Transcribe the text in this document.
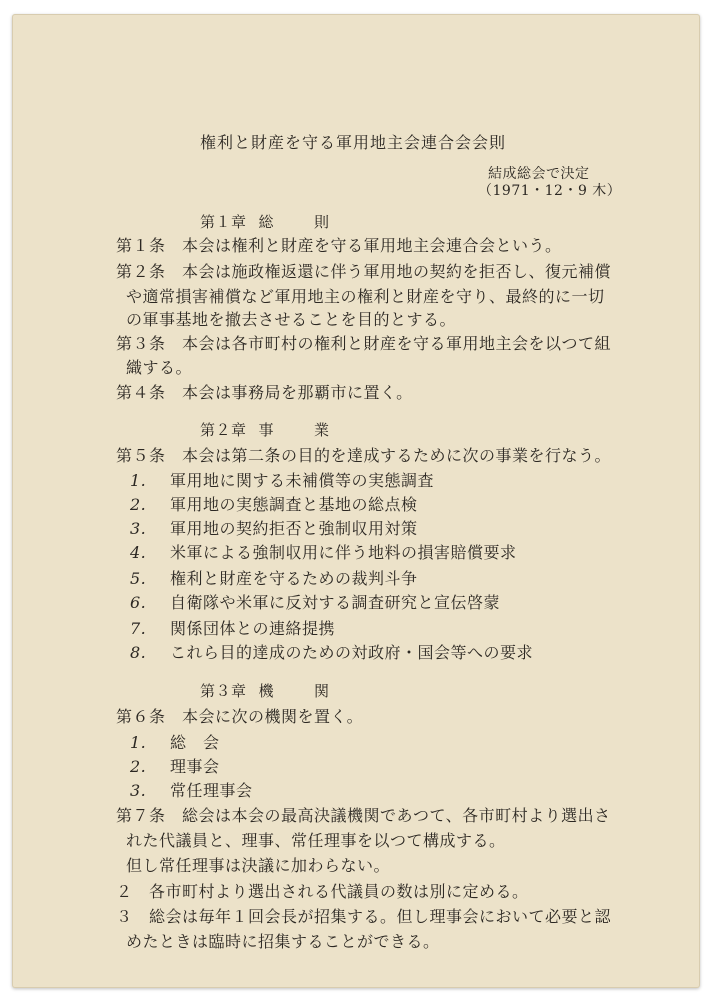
権利と財産を守る軍用地主会連合会会則
結成総会で決定
（1971・12・9 木）
第１章 総	則
第１条　本会は権利と財産を守る軍用地主会連合会という。
第２条　本会は施政権返還に伴う軍用地の契約を拒否し、復元補償
や適常損害補償など軍用地主の権利と財産を守り、最終的に一切
の軍事基地を撤去させることを目的とする。
第３条　本会は各市町村の権利と財産を守る軍用地主会を以つて組
織する。
第４条　本会は事務局を那覇市に置く。
第２章 事	業
第５条　本会は第二条の目的を達成するために次の事業を行なう。
1. 軍用地に関する未補償等の実態調査
2. 軍用地の実態調査と基地の総点検
3. 軍用地の契約拒否と強制収用対策
4. 米軍による強制収用に伴う地料の損害賠償要求
5. 権利と財産を守るための裁判斗争
6. 自衛隊や米軍に反対する調査研究と宣伝啓蒙
7. 関係団体との連絡提携
8. これら目的達成のための対政府・国会等への要求
第３章 機	関
第６条　本会に次の機関を置く。
1. 総　会
2. 理事会
3. 常任理事会
第７条　総会は本会の最高決議機関であつて、各市町村より選出さ
れた代議員と、理事、常任理事を以つて構成する。
但し常任理事は決議に加わらない。
２　各市町村より選出される代議員の数は別に定める。
３　総会は毎年１回会長が招集する。但し理事会において必要と認
めたときは臨時に招集することができる。
